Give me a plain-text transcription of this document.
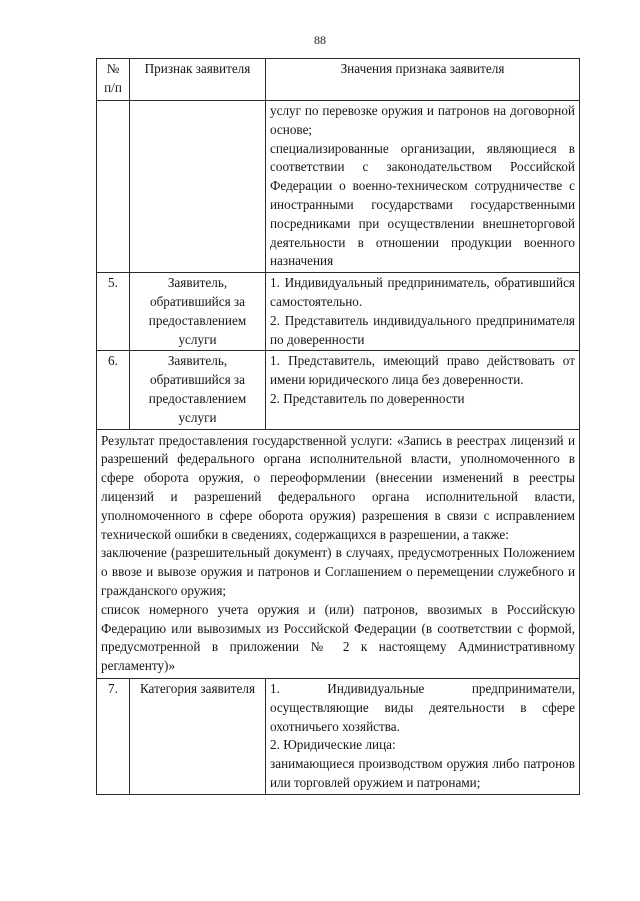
88
№ п/п	Признак заявителя	Значения признака заявителя

		услуг по перевозке оружия и патронов на договорной основе;

специализированные организации, являющиеся в соответствии с законодательством Российской Федерации о военно-техническом сотрудничестве с иностранными государствами государственными посредниками при осуществлении внешнеторговой деятельности в отношении продукции военного назначения

5.	Заявитель, обратившийся за предоставлением услуги	1. Индивидуальный предприниматель, обратившийся самостоятельно.

2. Представитель индивидуального предпринимателя по доверенности

6.	Заявитель, обратившийся за предоставлением услуги	1. Представитель, имеющий право действовать от имени юридического лица без доверенности.

2. Представитель по доверенности

Результат предоставления государственной услуги: «Запись в реестрах лицензий и разрешений федерального органа исполнительной власти, уполномоченного в сфере оборота оружия, о переоформлении (внесении изменений в реестры лицензий и разрешений федерального органа исполнительной власти, уполномоченного в сфере оборота оружия) разрешения в связи с исправлением технической ошибки в сведениях, содержащихся в разрешении, а также:

заключение (разрешительный документ) в случаях, предусмотренных Положением о ввозе и вывозе оружия и патронов и Соглашением о перемещении служебного и гражданского оружия;

список номерного учета оружия и (или) патронов, ввозимых в Российскую Федерацию или вывозимых из Российской Федерации (в соответствии с формой, предусмотренной в приложении № 2 к настоящему Административному регламенту)»		

7.	Категория заявителя	1. Индивидуальные предприниматели, осуществляющие виды деятельности в сфере охотничьего хозяйства.

2. Юридические лица:

занимающиеся производством оружия либо патронов или торговлей оружием и патронами;
